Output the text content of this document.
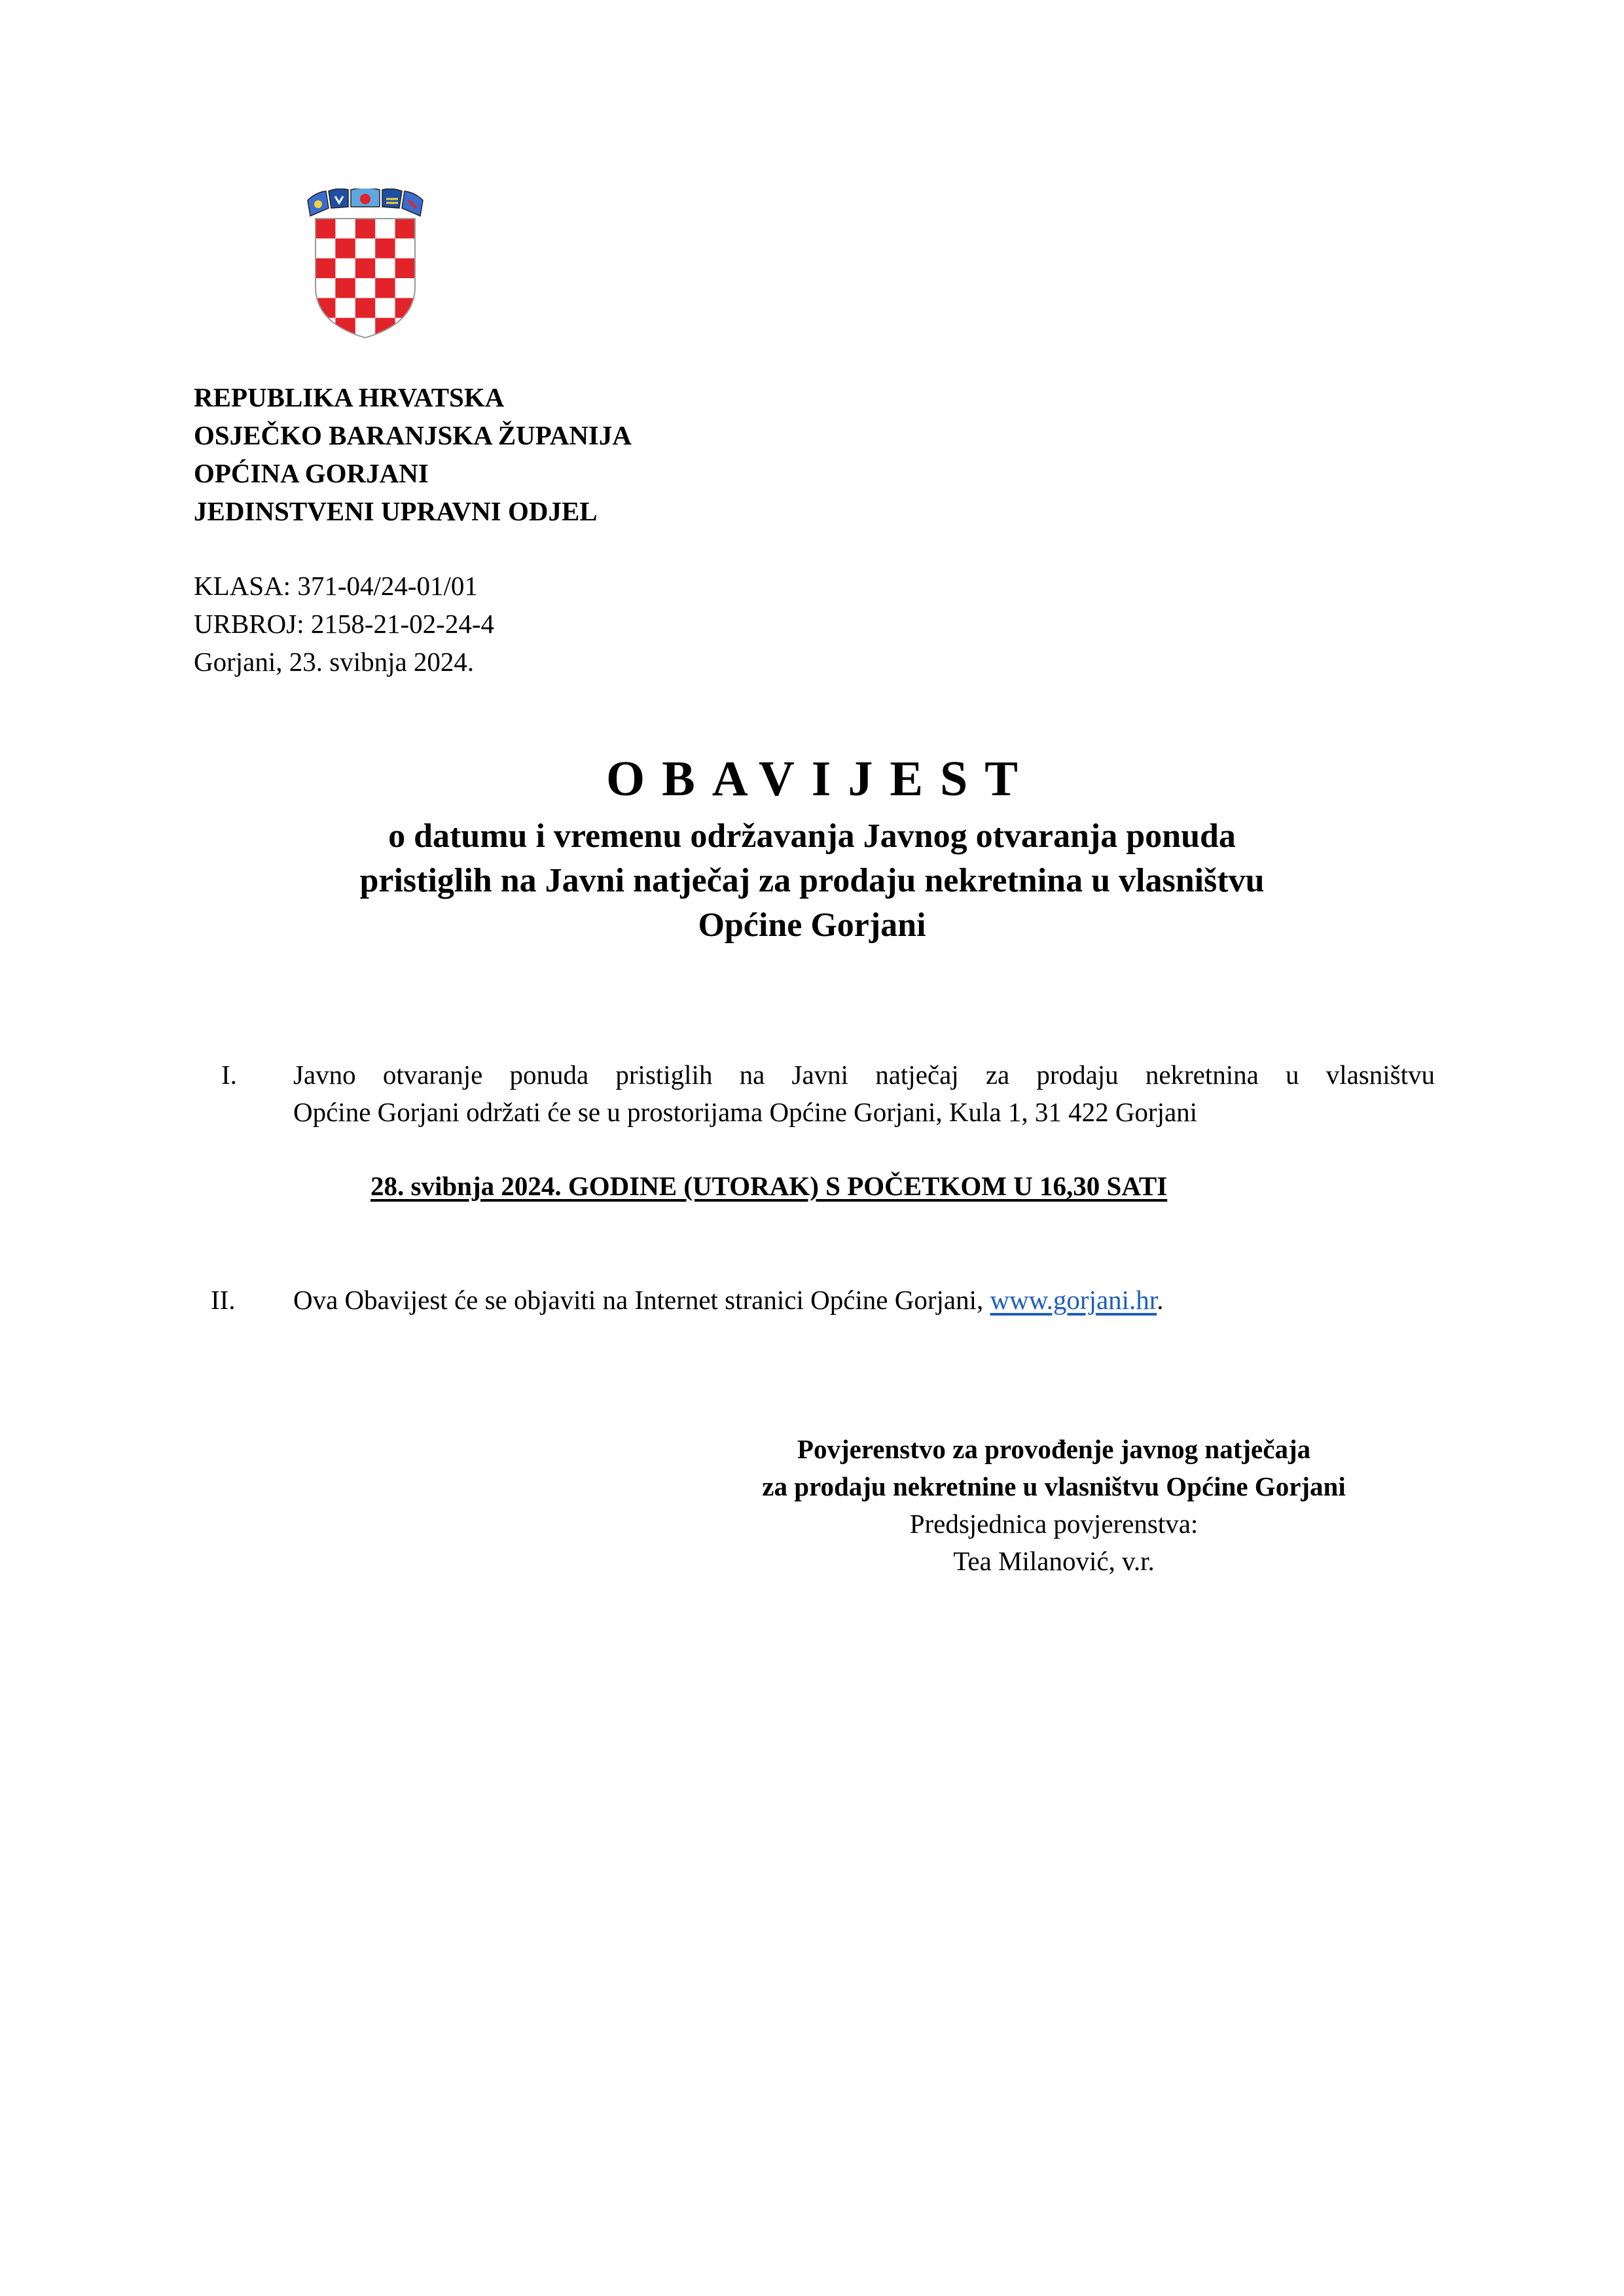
REPUBLIKA HRVATSKA
OSJEČKO BARANJSKA ŽUPANIJA
OPĆINA GORJANI
JEDINSTVENI UPRAVNI ODJEL
KLASA: 371-04/24-01/01
URBROJ: 2158-21-02-24-4
Gorjani, 23. svibnja 2024.
OBAVIJEST
o datumu i vremenu održavanja Javnog otvaranja ponuda
pristiglih na Javni natječaj za prodaju nekretnina u vlasništvu
Općine Gorjani
I. Javno otvaranje ponuda pristiglih na Javni natječaj za prodaju nekretnina u vlasništvu
Općine Gorjani održati će se u prostorijama Općine Gorjani, Kula 1, 31 422 Gorjani
28. svibnja 2024. GODINE (UTORAK) S POČETKOM U 16,30 SATI
II. Ova Obavijest će se objaviti na Internet stranici Općine Gorjani, www.gorjani.hr.
Povjerenstvo za provođenje javnog natječaja
za prodaju nekretnine u vlasništvu Općine Gorjani
Predsjednica povjerenstva:
Tea Milanović, v.r.
